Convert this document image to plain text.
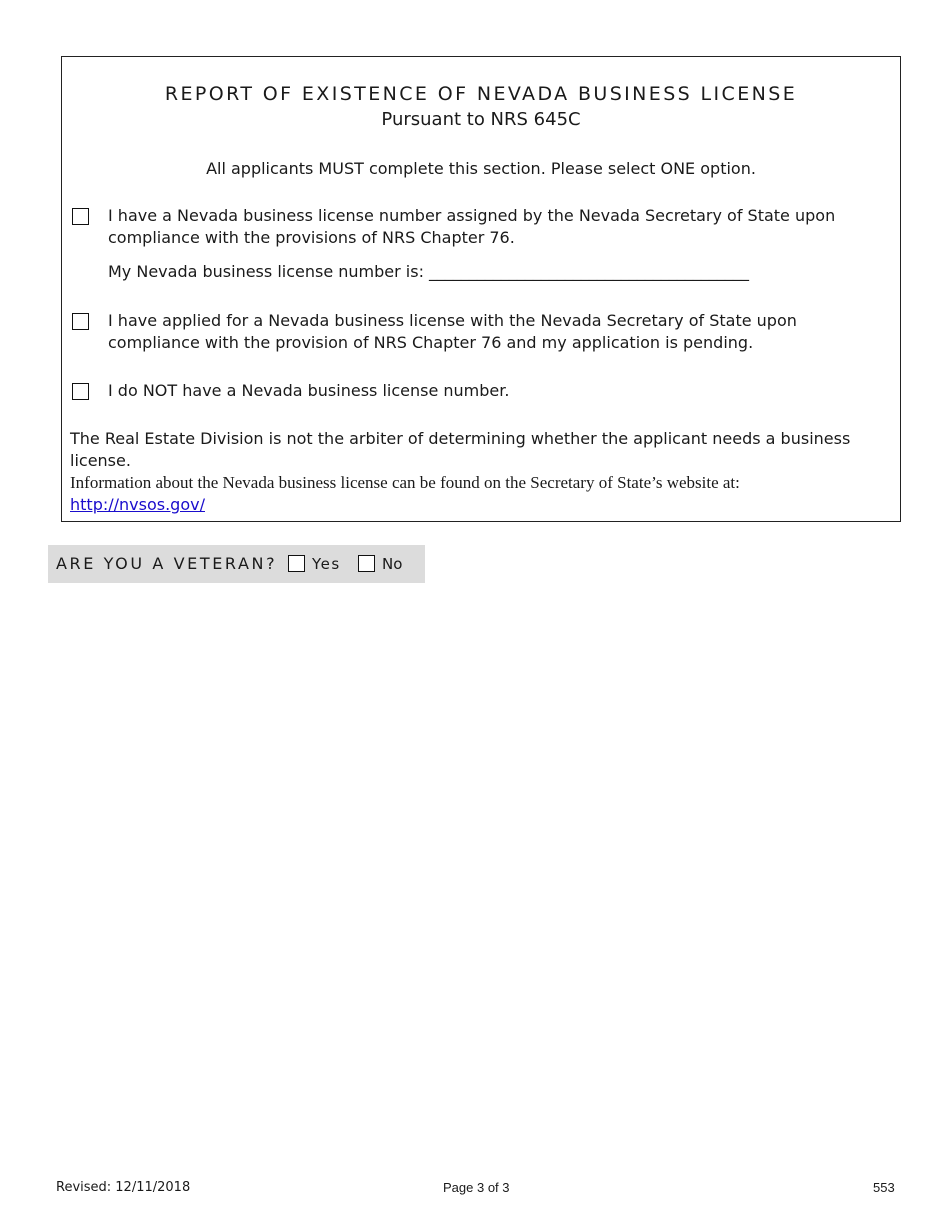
REPORT OF EXISTENCE OF NEVADA BUSINESS LICENSE
Pursuant to NRS 645C
All applicants MUST complete this section. Please select ONE option.
I have a Nevada business license number assigned by the Nevada Secretary of State upon compliance with the provisions of NRS Chapter 76.
My Nevada business license number is: ________________________________________
I have applied for a Nevada business license with the Nevada Secretary of State upon compliance with the provision of NRS Chapter 76 and my application is pending.
I do NOT have a Nevada business license number.
The Real Estate Division is not the arbiter of determining whether the applicant needs a business license.
Information about the Nevada business license can be found on the Secretary of State’s website at:
http://nvsos.gov/
ARE YOU A VETERAN? Yes	No
Revised: 12/11/2018	Page 3 of 3	553
